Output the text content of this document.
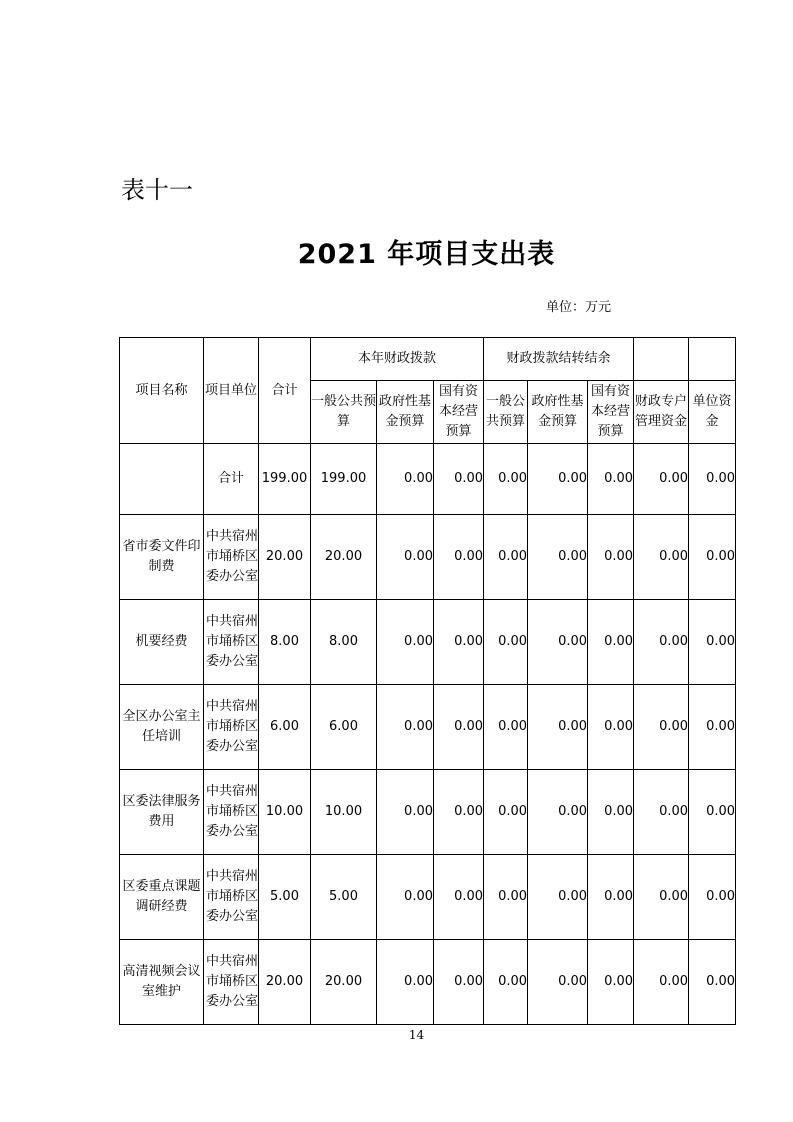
表十一
2021 年项目支出表
单位：万元
项目名称	项目单位	合计	本年财政拨款			财政拨款结转结余				
			一般公共预算	政府性基金预算	国有资本经营预算	一般公共预算	政府性基金预算	国有资本经营预算	财政专户管理资金	单位资金
	合计	199.00	199.00	0.00	0.00	0.00	0.00	0.00	0.00	0.00
省市委文件印制费	中共宿州市埇桥区委办公室	20.00	20.00	0.00	0.00	0.00	0.00	0.00	0.00	0.00
机要经费	中共宿州市埇桥区委办公室	8.00	8.00	0.00	0.00	0.00	0.00	0.00	0.00	0.00
全区办公室主任培训	中共宿州市埇桥区委办公室	6.00	6.00	0.00	0.00	0.00	0.00	0.00	0.00	0.00
区委法律服务费用	中共宿州市埇桥区委办公室	10.00	10.00	0.00	0.00	0.00	0.00	0.00	0.00	0.00
区委重点课题调研经费	中共宿州市埇桥区委办公室	5.00	5.00	0.00	0.00	0.00	0.00	0.00	0.00	0.00
高清视频会议室维护	中共宿州市埇桥区委办公室	20.00	20.00	0.00	0.00	0.00	0.00	0.00	0.00	0.00
14
